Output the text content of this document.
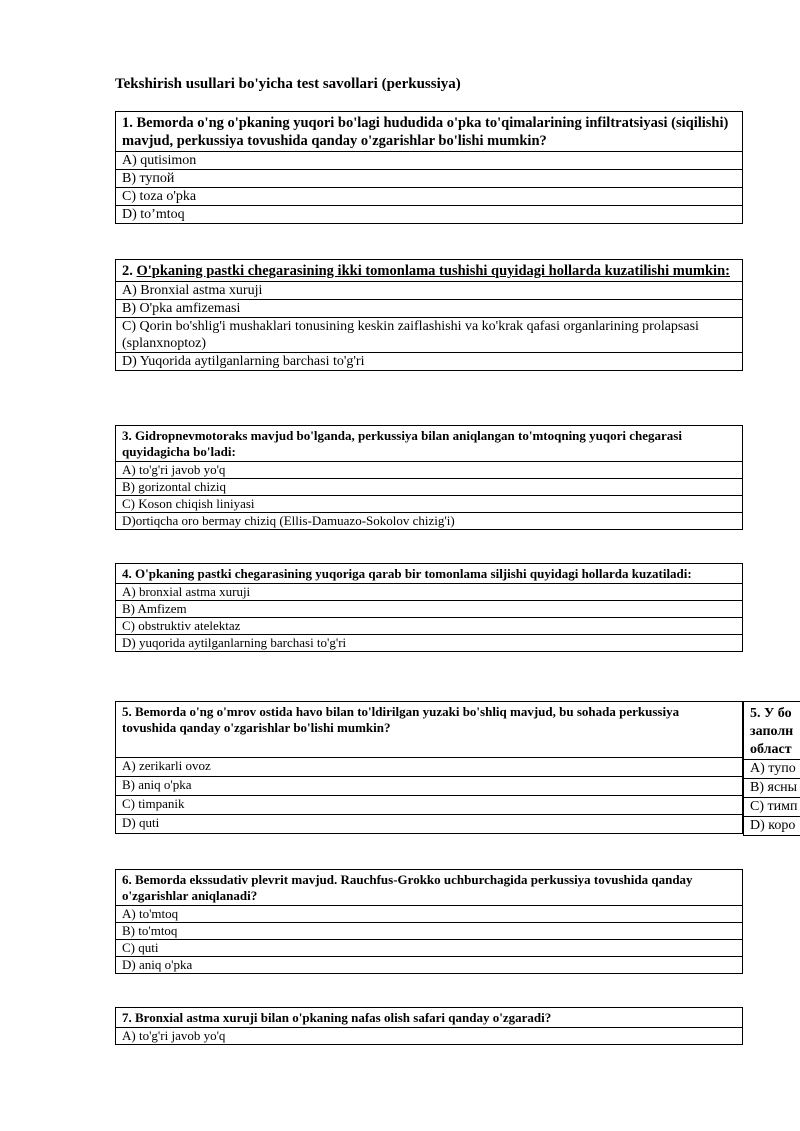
Tekshirish usullari bo'yicha test savollari (perkussiya)
1. Bemorda o'ng o'pkaning yuqori bo'lagi hududida o'pka to'qimalarining infiltratsiyasi (siqilishi) mavjud, perkussiya tovushida qanday o'zgarishlar bo'lishi mumkin?
А) qutisimon
В) тупой
С) toza o'pka
D) to’mtoq
2. O'pkaning pastki chegarasining ikki tomonlama tushishi quyidagi hollarda kuzatilishi mumkin:
А) Bronxial astma xuruji
В) O'pka amfizemasi
С) Qorin bo'shlig'i mushaklari tonusining keskin zaiflashishi va ko'krak qafasi organlarining prolapsasi (splanxnoptoz)
D) Yuqorida aytilganlarning barchasi to'g'ri
3. Gidropnevmotoraks mavjud bo'lganda, perkussiya bilan aniqlangan to'mtoqning yuqori chegarasi quyidagicha bo'ladi:
А) to'g'ri javob yo'q
B) gorizontal chiziq
C) Koson chiqish liniyasi
D)ortiqcha oro bermay chiziq (Ellis-Damuazo-Sokolov chizig'i)
4. O'pkaning pastki chegarasining yuqoriga qarab bir tomonlama siljishi quyidagi hollarda kuzatiladi:
A) bronxial astma xuruji
B) Amfizem
C) obstruktiv atelektaz
D) yuqorida aytilganlarning barchasi to'g'ri
5. Bemorda o'ng o'mrov ostida havo bilan to'ldirilgan yuzaki bo'shliq mavjud, bu sohada perkussiya tovushida qanday o'zgarishlar bo'lishi mumkin?
А) zerikarli ovoz
В) aniq o'pka
С) timpanik
D) quti
5. У бо
заполн
област
А) тупо
В) ясны
С) тимп
D) коро
6. Bemorda ekssudativ plevrit mavjud. Rauchfus-Grokko uchburchagida perkussiya tovushida qanday o'zgarishlar aniqlanadi?
A) to'mtoq
B) to'mtoq
C) quti
D) aniq o'pka
7. Bronxial astma xuruji bilan o'pkaning nafas olish safari qanday o'zgaradi?
А) to'g'ri javob yo'q
